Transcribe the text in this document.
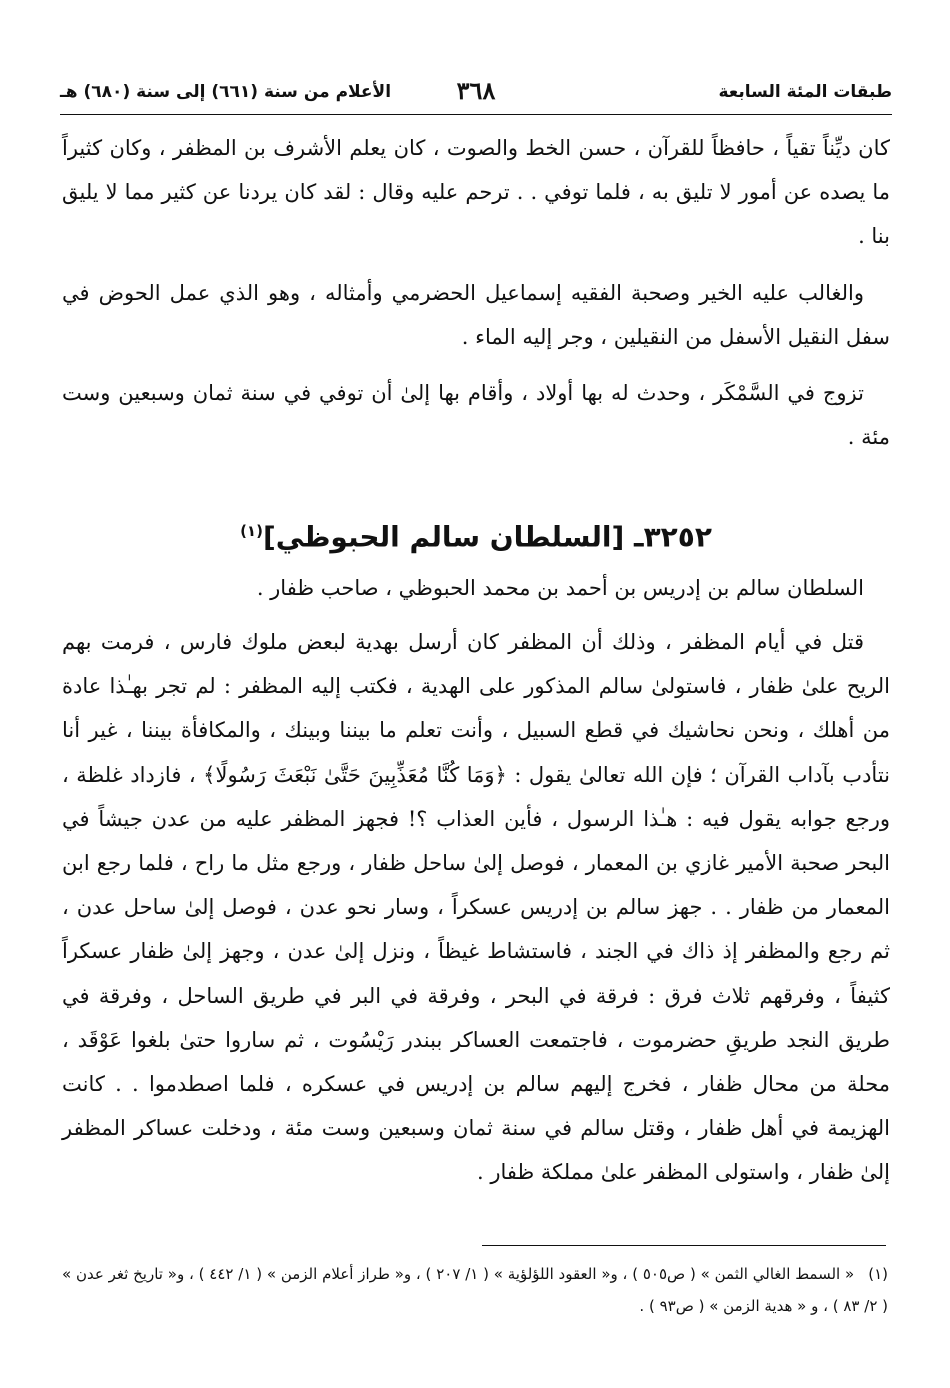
طبقات المئة السابعة
٣٦٨
الأعلام من سنة (٦٦١) إلى سنة (٦٨٠) هـ

كان ديِّناً تقياً ، حافظاً للقرآن ، حسن الخط والصوت ، كان يعلم الأشرف بن المظفر ، وكان كثيراً ما يصده عن أمور لا تليق به ، فلما توفي . . ترحم عليه وقال : لقد كان يردنا عن كثير مما لا يليق بنا .

والغالب عليه الخير وصحبة الفقيه إسماعيل الحضرمي وأمثاله ، وهو الذي عمل الحوض في سفل النقيل الأسفل من النقيلين ، وجر إليه الماء .

تزوج في السَّمْكَر ، وحدث له بها أولاد ، وأقام بها إلىٰ أن توفي في سنة ثمان وسبعين وست مئة .

٣٢٥٢ـ [السلطان سالم الحبوظي]$^{(١)}$

السلطان سالم بن إدريس بن أحمد بن محمد الحبوظي ، صاحب ظفار .

قتل في أيام المظفر ، وذلك أن المظفر كان أرسل بهدية لبعض ملوك فارس ، فرمت بهم الريح علىٰ ظفار ، فاستولىٰ سالم المذكور على الهدية ، فكتب إليه المظفر : لم تجر بهـٰذا عادة من أهلك ، ونحن نحاشيك في قطع السبيل ، وأنت تعلم ما بيننا وبينك ، والمكافأة بيننا ، غير أنا نتأدب بآداب القرآن ؛ فإن الله تعالىٰ يقول : ﴿وَمَا كُنَّا مُعَذِّبِينَ حَتَّىٰ نَبْعَثَ رَسُولًا﴾ ، فازداد غلظة ، ورجع جوابه يقول فيه : هـٰذا الرسول ، فأين العذاب ؟! فجهز المظفر عليه من عدن جيشاً في البحر صحبة الأمير غازي بن المعمار ، فوصل إلىٰ ساحل ظفار ، ورجع مثل ما راح ، فلما رجع ابن المعمار من ظفار . . جهز سالم بن إدريس عسكراً ، وسار نحو عدن ، فوصل إلىٰ ساحل عدن ، ثم رجع والمظفر إذ ذاك في الجند ، فاستشاط غيظاً ، ونزل إلىٰ عدن ، وجهز إلىٰ ظفار عسكراً كثيفاً ، وفرقهم ثلاث فرق : فرقة في البحر ، وفرقة في البر في طريق الساحل ، وفرقة في طريق النجد طريقِ حضرموت ، فاجتمعت العساكر ببندر رَيْسُوت ، ثم ساروا حتىٰ بلغوا عَوْقَد ، محلة من محال ظفار ، فخرج إليهم سالم بن إدريس في عسكره ، فلما اصطدموا . . كانت الهزيمة في أهل ظفار ، وقتل سالم في سنة ثمان وسبعين وست مئة ، ودخلت عساكر المظفر إلىٰ ظفار ، واستولى المظفر علىٰ مملكة ظفار .

(١)« السمط الغالي الثمن » ( ص٥٠٥ ) ، و« العقود اللؤلؤية » ( ١/ ٢٠٧ ) ، و« طراز أعلام الزمن » ( ١/ ٤٤٢ ) ، و« تاريخ ثغر عدن » ( ٢/ ٨٣ ) ، و « هدية الزمن » ( ص٩٣ ) .
